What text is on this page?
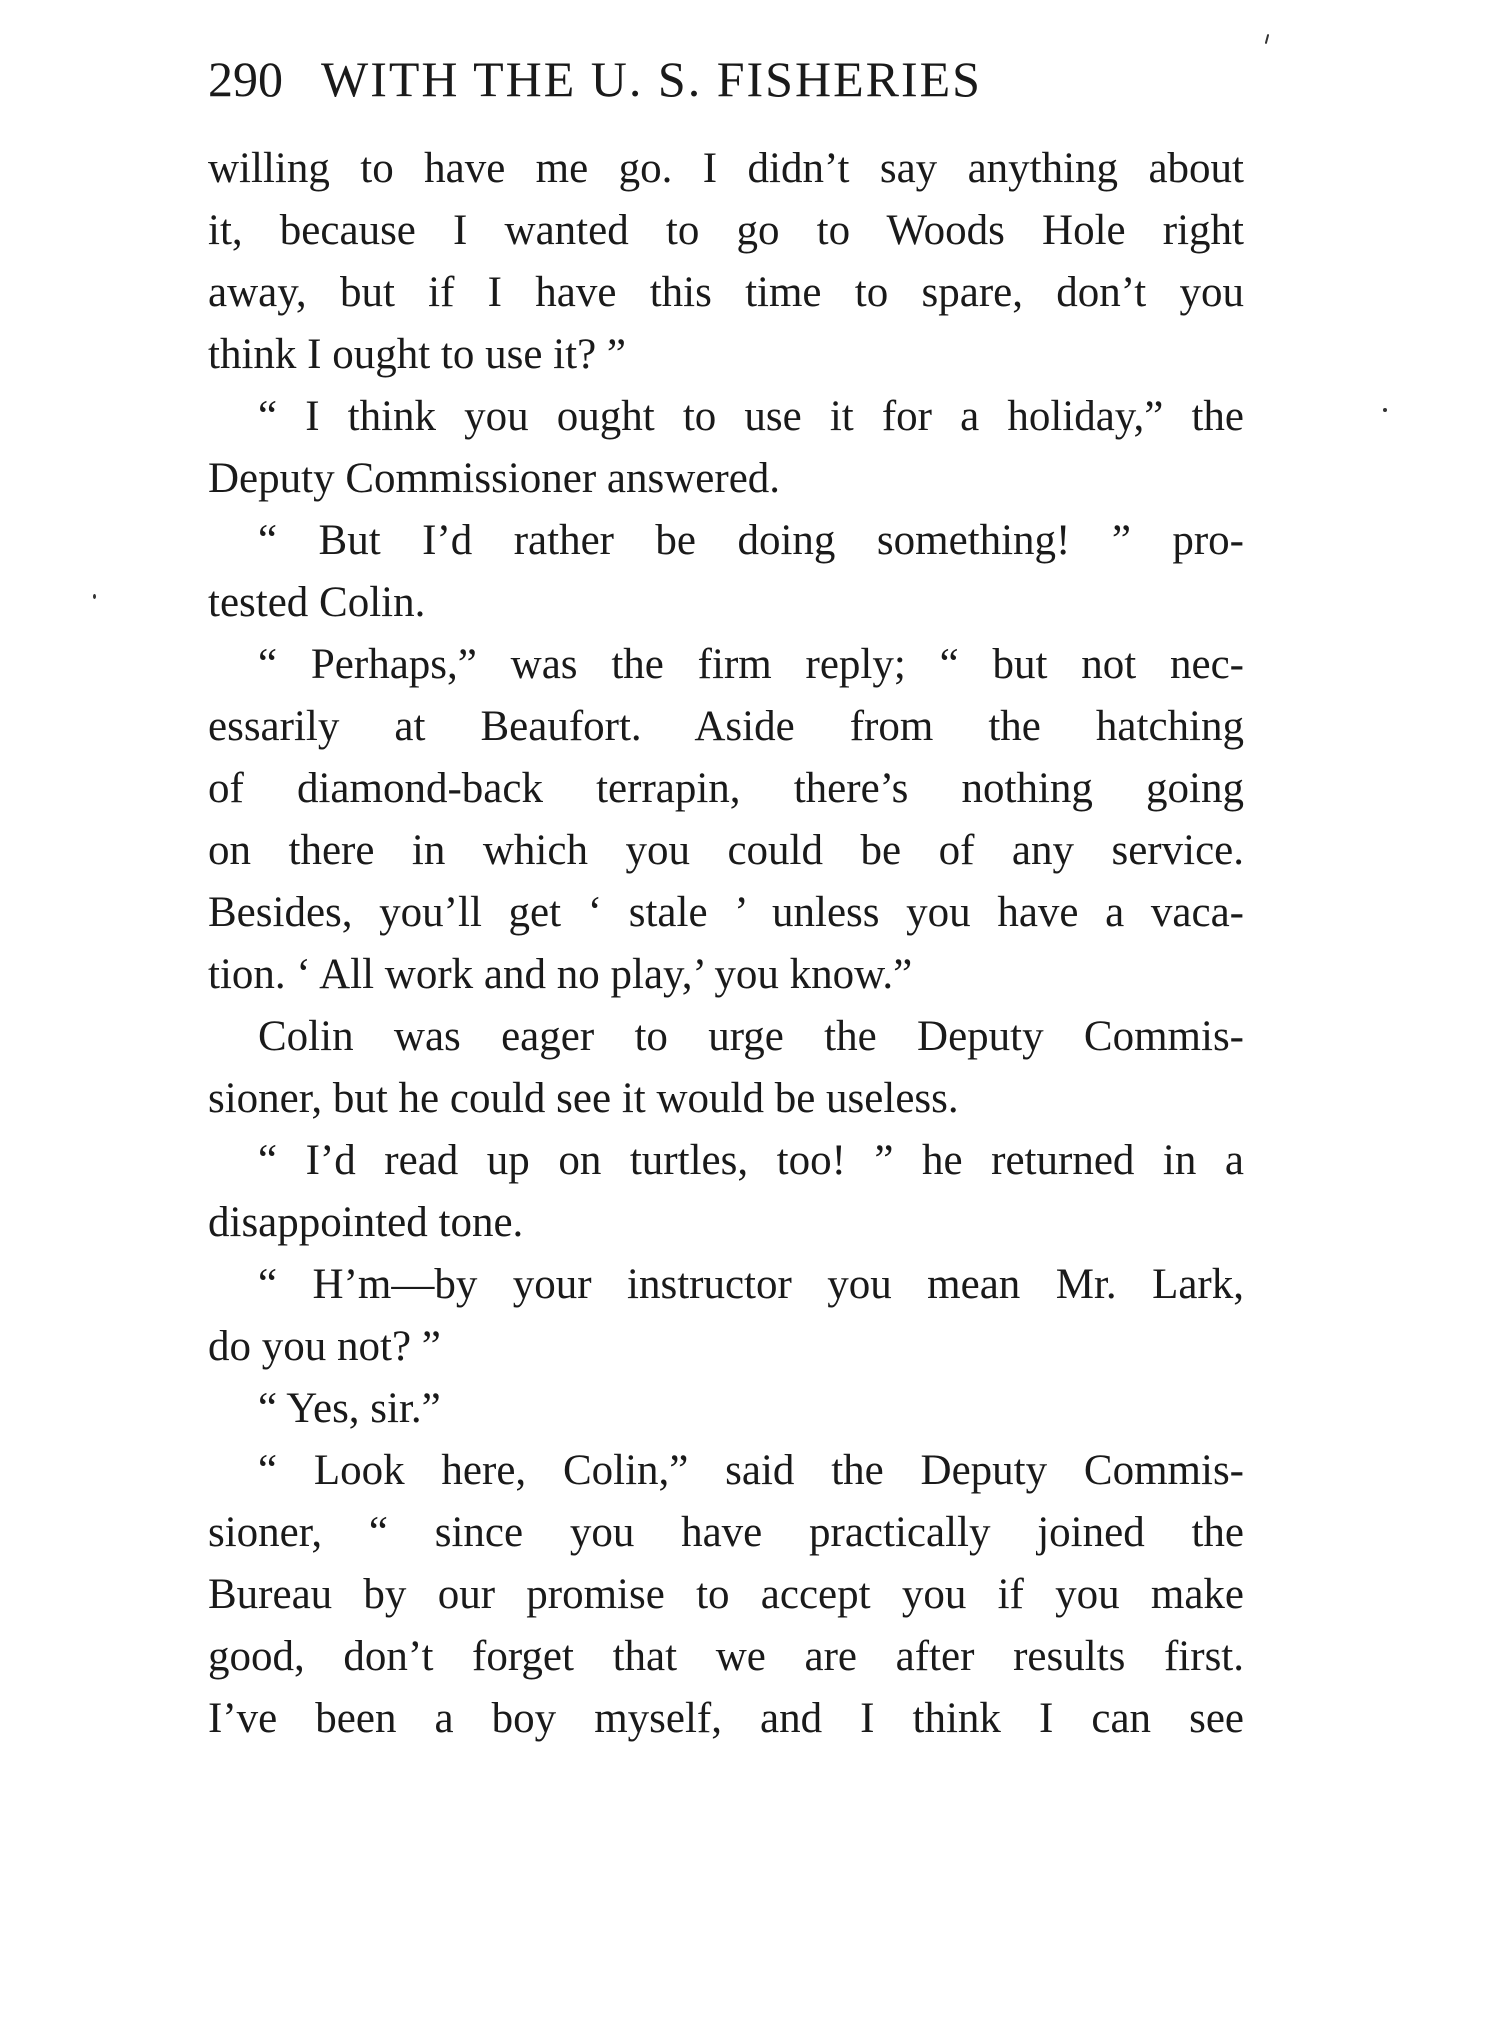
290 WITH THE U. S. FISHERIES
willing to have me go. I didn’t say anything about
it, because I wanted to go to Woods Hole right
away, but if I have this time to spare, don’t you
think I ought to use it? ”
“ I think you ought to use it for a holiday,” the
Deputy Commissioner answered.
“ But I’d rather be doing something! ” pro-
tested Colin.
“ Perhaps,” was the firm reply; “ but not nec-
essarily at Beaufort. Aside from the hatching
of diamond-back terrapin, there’s nothing going
on there in which you could be of any service.
Besides, you’ll get ‘ stale ’ unless you have a vaca-
tion. ‘ All work and no play,’ you know.”
Colin was eager to urge the Deputy Commis-
sioner, but he could see it would be useless.
“ I’d read up on turtles, too! ” he returned in a
disappointed tone.
“ H’m—by your instructor you mean Mr. Lark,
do you not? ”
“ Yes, sir.”
“ Look here, Colin,” said the Deputy Commis-
sioner, “ since you have practically joined the
Bureau by our promise to accept you if you make
good, don’t forget that we are after results first.
I’ve been a boy myself, and I think I can see
